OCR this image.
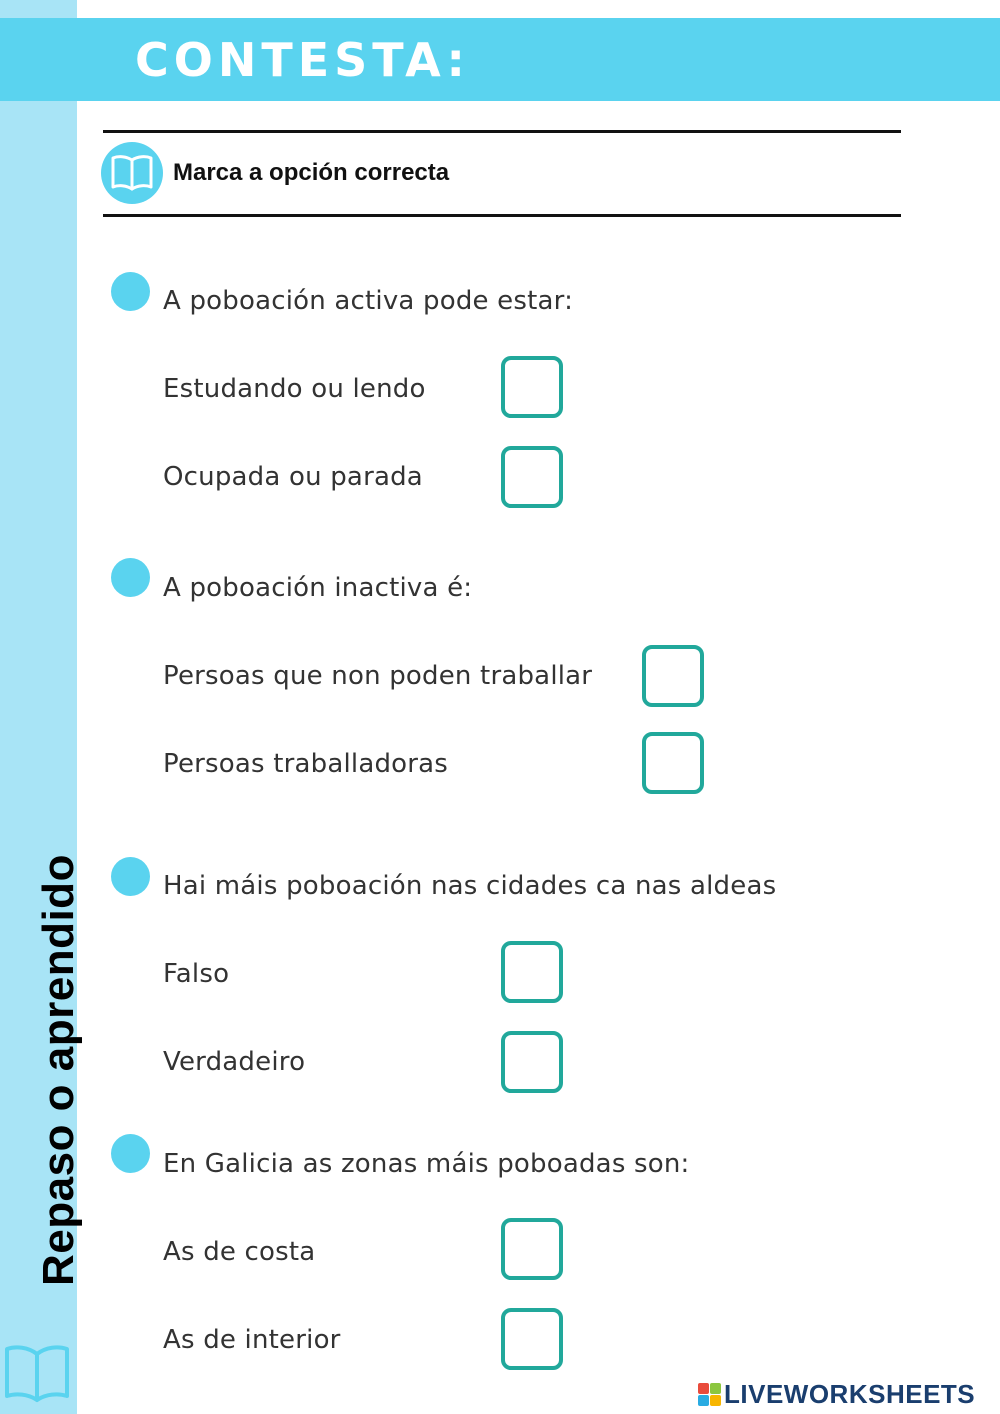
Repaso o aprendido
CONTESTA:
Marca a opción correcta
A poboación activa pode estar:
Estudando ou lendo
Ocupada ou parada
A poboación inactiva é:
Persoas que non poden traballar
Persoas traballadoras
Hai máis poboación nas cidades ca nas aldeas
Falso
Verdadeiro
En Galicia as zonas máis poboadas son:
As de costa
As de interior
LIVEWORKSHEETS
